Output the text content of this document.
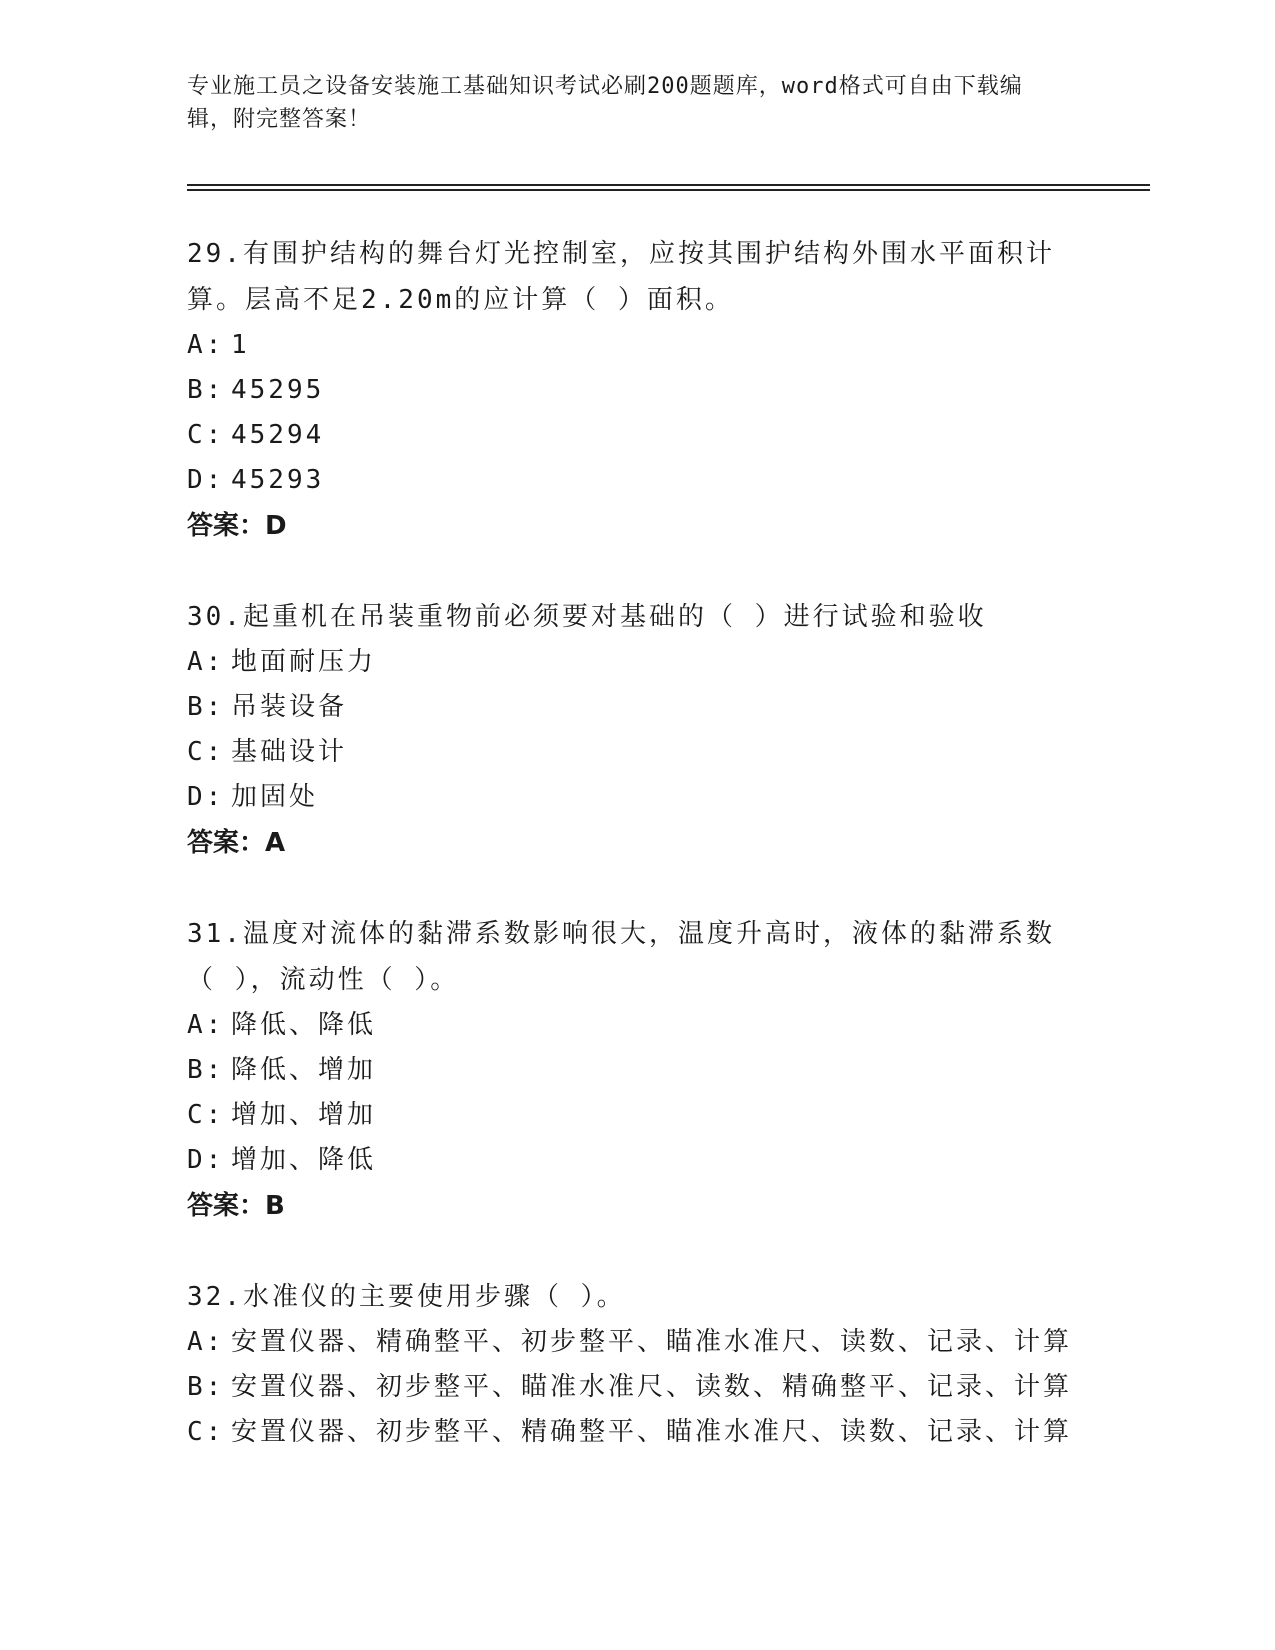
专业施工员之设备安装施工基础知识考试必刷200题题库，word格式可自由下载编辑，附完整答案！
29.有围护结构的舞台灯光控制室，应按其围护结构外围水平面积计算。层高不足2.20m的应计算（ ）面积。
A: 1
B: 45295
C: 45294
D: 45293
答案：D
30.起重机在吊装重物前必须要对基础的（ ）进行试验和验收
A: 地面耐压力
B: 吊装设备
C: 基础设计
D: 加固处
答案：A
31.温度对流体的黏滞系数影响很大，温度升高时，液体的黏滞系数（ ），流动性（ ）。
A: 降低、降低
B: 降低、增加
C: 增加、增加
D: 增加、降低
答案：B
32.水准仪的主要使用步骤（ ）。
A: 安置仪器、精确整平、初步整平、瞄准水准尺、读数、记录、计算
B: 安置仪器、初步整平、瞄准水准尺、读数、精确整平、记录、计算
C: 安置仪器、初步整平、精确整平、瞄准水准尺、读数、记录、计算
